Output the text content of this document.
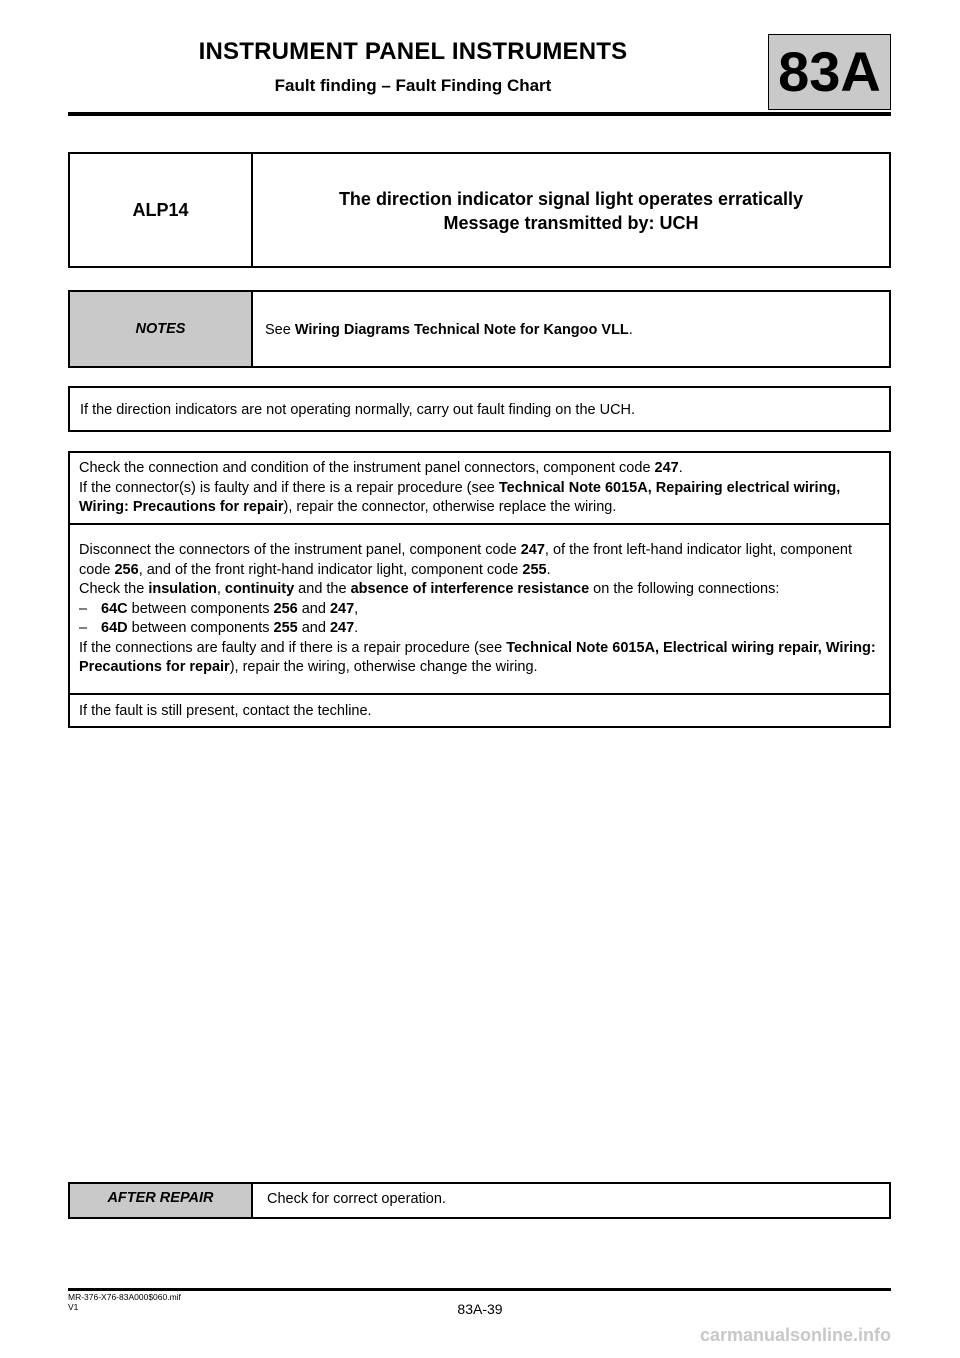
INSTRUMENT PANEL INSTRUMENTS
Fault finding – Fault Finding Chart	83A
ALP14
The direction indicator signal light operates erratically
Message transmitted by: UCH
NOTES	See Wiring Diagrams Technical Note for Kangoo VLL.
If the direction indicators are not operating normally, carry out fault finding on the UCH.
Check the connection and condition of the instrument panel connectors, component code 247.
If the connector(s) is faulty and if there is a repair procedure (see Technical Note 6015A, Repairing electrical wiring, Wiring: Precautions for repair), repair the connector, otherwise replace the wiring.
Disconnect the connectors of the instrument panel, component code 247, of the front left-hand indicator light, component code 256, and of the front right-hand indicator light, component code 255.
Check the insulation, continuity and the absence of interference resistance on the following connections:
– 64C between components 256 and 247,
– 64D between components 255 and 247.
If the connections are faulty and if there is a repair procedure (see Technical Note 6015A, Electrical wiring repair, Wiring: Precautions for repair), repair the wiring, otherwise change the wiring.
If the fault is still present, contact the techline.
AFTER REPAIR	Check for correct operation.
MR-376-X76-83A000$060.mif
V1	83A-39
carmanualsonline.info
